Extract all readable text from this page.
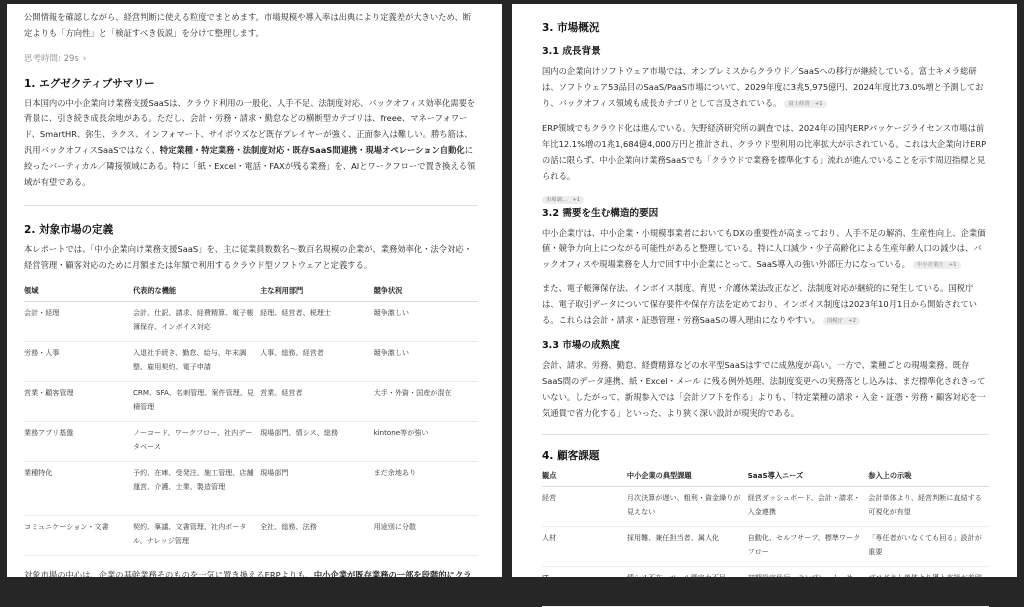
公開情報を確認しながら、経営判断に使える粒度でまとめます。市場規模や導入率は出典により定義差が大きいため、断定よりも「方向性」と「検証すべき仮説」を分けて整理します。

思考時間: 29s ›
1. エグゼクティブサマリー

日本国内の中小企業向け業務支援SaaSは、クラウド利用の一般化、人手不足、法制度対応、バックオフィス効率化需要を背景に、引き続き成長余地がある。ただし、会計・労務・請求・勤怠などの横断型カテゴリは、freee、マネーフォワード、SmartHR、弥生、ラクス、インフォマート、サイボウズなど既存プレイヤーが強く、正面参入は難しい。勝ち筋は、汎用バックオフィスSaaSではなく、特定業種・特定業務・法制度対応・既存SaaS間連携・現場オペレーション自動化に絞ったバーティカル／隣接領域にある。特に「紙・Excel・電話・FAXが残る業務」を、AIとワークフローで置き換える領域が有望である。

2. 対象市場の定義

本レポートでは、「中小企業向け業務支援SaaS」を、主に従業員数数名〜数百名規模の企業が、業務効率化・法令対応・経営管理・顧客対応のために月額または年額で利用するクラウド型ソフトウェアと定義する。

領域	代表的な機能	主な利用部門	競争状況
会計・経理	会計、仕訳、請求、経費精算、電子帳簿保存、インボイス対応	経理、経営者、税理士	競争激しい
労務・人事	入退社手続き、勤怠、給与、年末調整、雇用契約、電子申請	人事、総務、経営者	競争激しい
営業・顧客管理	CRM、SFA、名刺管理、案件管理、見積管理	営業、経営者	大手・外資・国産が混在
業務アプリ基盤	ノーコード、ワークフロー、社内データベース	現場部門、情シス、総務	kintone等が強い
業種特化	予約、在庫、受発注、施工管理、店舗運営、介護、士業、製造管理	現場部門	まだ余地あり
コミュニケーション・文書	契約、稟議、文書管理、社内ポータル、ナレッジ管理	全社、総務、法務	用途別に分散

対象市場の中心は、企業の基幹業務そのものを一気に置き換えるERPよりも、中小企業が既存業務の一部を段階的にクラウド化するための業務SaaS群である。総務省の通信利用動向調査は、企業のICT利用動向やクラウドサービス利用状況

3. 市場概況
3.1 成長背景

国内の企業向けソフトウェア市場では、オンプレミスからクラウド／SaaSへの移行が継続している。富士キメラ総研は、ソフトウェア53品目のSaaS/PaaS市場について、2029年度に3兆5,975億円、2024年度比73.0%増と予測しており、バックオフィス領域も成長カテゴリとして言及されている。 富士経済　+1

ERP領域でもクラウド化は進んでいる。矢野経済研究所の調査では、2024年の国内ERPパッケージライセンス市場は前年比12.1%増の1兆1,684億4,000万円と推計され、クラウド型利用の比率拡大が示されている。これは大企業向けERPの話に限らず、中小企業向け業務SaaSでも「クラウドで業務を標準化する」流れが進んでいることを示す周辺指標と見られる。

市場調…　+1
3.2 需要を生む構造的要因

中小企業庁は、中小企業・小規模事業者においてもDXの重要性が高まっており、人手不足の解消、生産性向上、企業価値・競争力向上につながる可能性があると整理している。特に人口減少・少子高齢化による生産年齢人口の減少は、バックオフィスや現場業務を人力で回す中小企業にとって、SaaS導入の強い外部圧力になっている。 中小企業庁　+1

また、電子帳簿保存法、インボイス制度、育児・介護休業法改正など、法制度対応が継続的に発生している。国税庁は、電子取引データについて保存要件や保存方法を定めており、インボイス制度は2023年10月1日から開始されている。これらは会計・請求・証憑管理・労務SaaSの導入理由になりやすい。 国税庁　+2

3.3 市場の成熟度

会計、請求、労務、勤怠、経費精算などの水平型SaaSはすでに成熟度が高い。一方で、業種ごとの現場業務、既存SaaS間のデータ連携、紙・Excel・メール に残る例外処理、法制度変更への実務落とし込みは、まだ標準化されきっていない。したがって、新規参入では「会計ソフトを作る」よりも、「特定業種の請求・入金・証憑・労務・顧客対応を一気通貫で省力化する」といった、より狭く深い設計が現実的である。

4. 顧客課題
観点	中小企業の典型課題	SaaS導入ニーズ	参入上の示唆
経営	月次決算が遅い、粗利・資金繰りが見えない	経営ダッシュボード、会計・請求・入金連携	会計単体より、経営判断に直結する可視化が有望
人材	採用難、兼任担当者、属人化	自動化、セルフサーブ、標準ワークフロー	「専任者がいなくても回る」設計が重要
IT	情シス不在、ツール選定力不足	初期設定代行、テンプレート、サ	プロダクト単体より導入支援が差別
